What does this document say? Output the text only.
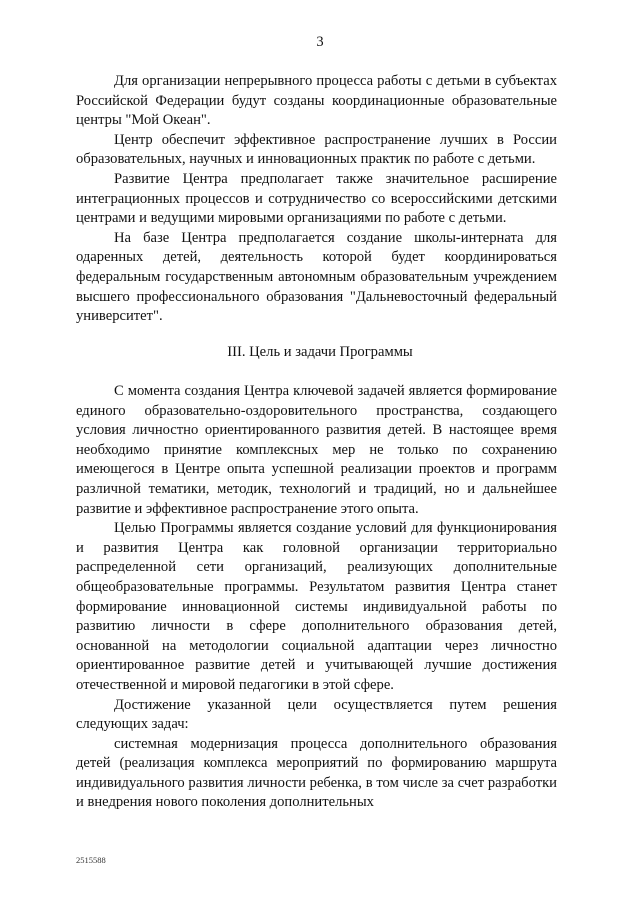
3

Для организации непрерывного процесса работы с детьми в субъектах Российской Федерации будут созданы координационные образовательные центры "Мой Океан".

Центр обеспечит эффективное распространение лучших в России образовательных, научных и инновационных практик по работе с детьми.

Развитие Центра предполагает также значительное расширение интеграционных процессов и сотрудничество со всероссийскими детскими центрами и ведущими мировыми организациями по работе с детьми.

На базе Центра предполагается создание школы-интерната для одаренных детей, деятельность которой будет координироваться федеральным государственным автономным образовательным учреждением высшего профессионального образования "Дальневосточный федеральный университет".

III. Цель и задачи Программы

С момента создания Центра ключевой задачей является формирование единого образовательно-оздоровительного пространства, создающего условия личностно ориентированного развития детей. В настоящее время необходимо принятие комплексных мер не только по сохранению имеющегося в Центре опыта успешной реализации проектов и программ различной тематики, методик, технологий и традиций, но и дальнейшее развитие и эффективное распространение этого опыта.

Целью Программы является создание условий для функционирования и развития Центра как головной организации территориально распределенной сети организаций, реализующих дополнительные общеобразовательные программы. Результатом развития Центра станет формирование инновационной системы индивидуальной работы по развитию личности в сфере дополнительного образования детей, основанной на методологии социальной адаптации через личностно ориентированное развитие детей и учитывающей лучшие достижения отечественной и мировой педагогики в этой сфере.

Достижение указанной цели осуществляется путем решения следующих задач:

системная модернизация процесса дополнительного образования детей (реализация комплекса мероприятий по формированию маршрута индивидуального развития личности ребенка, в том числе за счет разработки и внедрения нового поколения дополнительных

2515588
